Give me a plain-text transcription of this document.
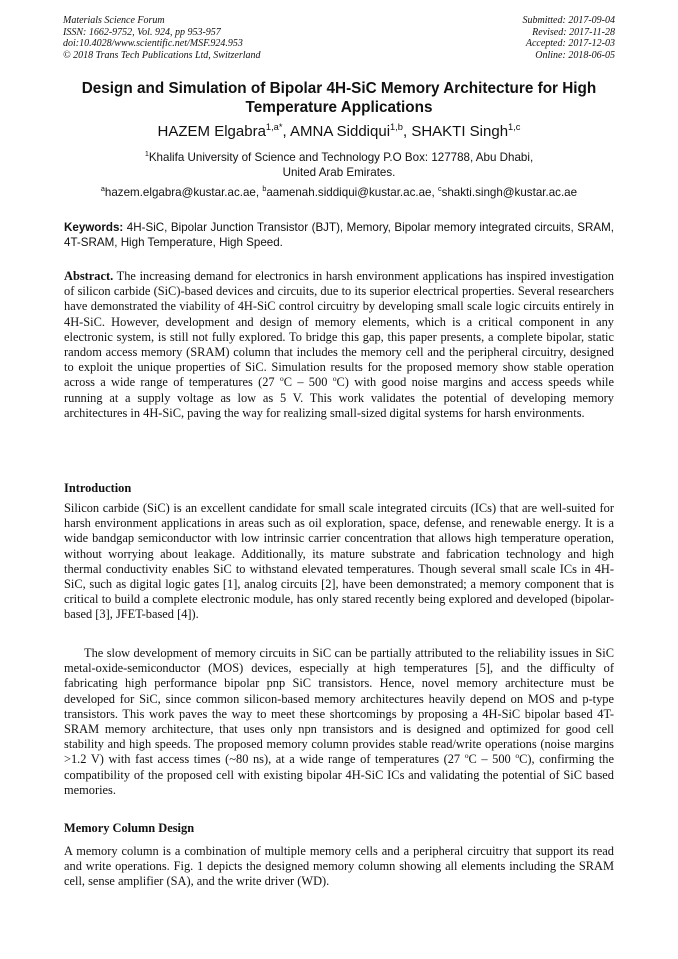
Materials Science Forum
ISSN: 1662-9752, Vol. 924, pp 953-957
doi:10.4028/www.scientific.net/MSF.924.953
© 2018 Trans Tech Publications Ltd, Switzerland
Submitted: 2017-09-04
Revised: 2017-11-28
Accepted: 2017-12-03
Online: 2018-06-05
Design and Simulation of Bipolar 4H-SiC Memory Architecture for High Temperature Applications
HAZEM Elgabra$^{1,a*}$, AMNA Siddiqui$^{1,b}$, SHAKTI Singh$^{1,c}$
$^1$Khalifa University of Science and Technology P.O Box: 127788, Abu Dhabi,
United Arab Emirates.
$^a$hazem.elgabra@kustar.ac.ae, $^b$aamenah.siddiqui@kustar.ac.ae, $^c$shakti.singh@kustar.ac.ae
Keywords: 4H-SiC, Bipolar Junction Transistor (BJT), Memory, Bipolar memory integrated circuits, SRAM, 4T-SRAM, High Temperature, High Speed.
Abstract. The increasing demand for electronics in harsh environment applications has inspired investigation of silicon carbide (SiC)-based devices and circuits, due to its superior electrical properties. Several researchers have demonstrated the viability of 4H-SiC control circuitry by developing small scale logic circuits entirely in 4H-SiC. However, development and design of memory elements, which is a critical component in any electronic system, is still not fully explored. To bridge this gap, this paper presents, a complete bipolar, static random access memory (SRAM) column that includes the memory cell and the peripheral circuitry, designed to exploit the unique properties of SiC. Simulation results for the proposed memory show stable operation across a wide range of temperatures (27 $^o$C – 500 $^o$C) with good noise margins and access speeds while running at a supply voltage as low as 5 V. This work validates the potential of developing memory architectures in 4H-SiC, paving the way for realizing small-sized digital systems for harsh environments.
Introduction
Silicon carbide (SiC) is an excellent candidate for small scale integrated circuits (ICs) that are well-suited for harsh environment applications in areas such as oil exploration, space, defense, and renewable energy. It is a wide bandgap semiconductor with low intrinsic carrier concentration that allows high temperature operation, without worrying about leakage. Additionally, its mature substrate and fabrication technology and high thermal conductivity enables SiC to withstand elevated temperatures. Though several small scale ICs in 4H-SiC, such as digital logic gates [1], analog circuits [2], have been demonstrated; a memory component that is critical to build a complete electronic module, has only stared recently being explored and developed (bipolar-based [3], JFET-based [4]).
The slow development of memory circuits in SiC can be partially attributed to the reliability issues in SiC metal-oxide-semiconductor (MOS) devices, especially at high temperatures [5], and the difficulty of fabricating high performance bipolar pnp SiC transistors. Hence, novel memory architecture must be developed for SiC, since common silicon-based memory architectures heavily depend on MOS and p-type transistors. This work paves the way to meet these shortcomings by proposing a 4H-SiC bipolar based 4T-SRAM memory architecture, that uses only npn transistors and is designed and optimized for good cell stability and high speeds. The proposed memory column provides stable read/write operations (noise margins >1.2 V) with fast access times (~80 ns), at a wide range of temperatures (27 $^o$C – 500 $^o$C), confirming the compatibility of the proposed cell with existing bipolar 4H-SiC ICs and validating the potential of SiC based memories.
Memory Column Design
A memory column is a combination of multiple memory cells and a peripheral circuitry that support its read and write operations. Fig. 1 depicts the designed memory column showing all elements including the SRAM cell, sense amplifier (SA), and the write driver (WD).
